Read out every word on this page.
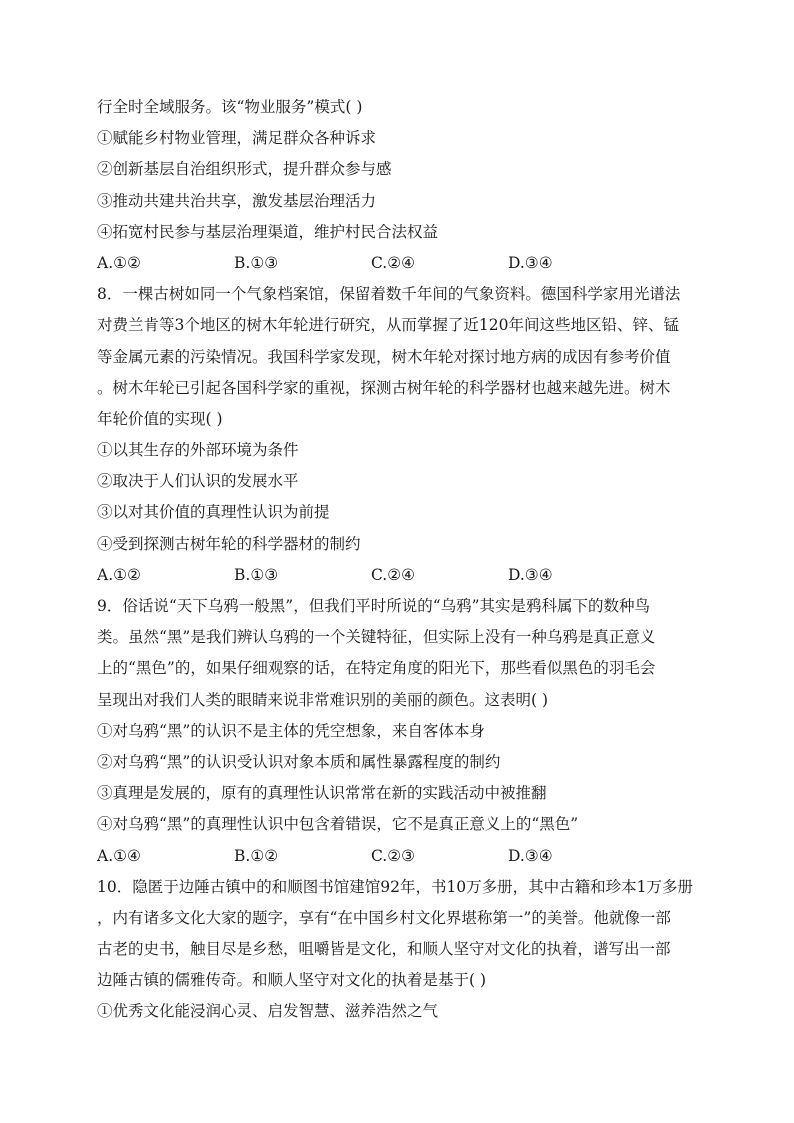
行全时全域服务。该“物业服务”模式( )
①赋能乡村物业管理，满足群众各种诉求
②创新基层自治组织形式，提升群众参与感
③推动共建共治共享，激发基层治理活力
④拓宽村民参与基层治理渠道，维护村民合法权益
A.①②	B.①③	C.②④	D.③④
8．一棵古树如同一个气象档案馆，保留着数千年间的气象资料。德国科学家用光谱法
对费兰肯等3个地区的树木年轮进行研究，从而掌握了近120年间这些地区铅、锌、锰
等金属元素的污染情况。我国科学家发现，树木年轮对探讨地方病的成因有参考价值
。树木年轮已引起各国科学家的重视，探测古树年轮的科学器材也越来越先进。树木
年轮价值的实现( )
①以其生存的外部环境为条件
②取决于人们认识的发展水平
③以对其价值的真理性认识为前提
④受到探测古树年轮的科学器材的制约
A.①②	B.①③	C.②④	D.③④
9．俗话说“天下乌鸦一般黑”，但我们平时所说的“乌鸦”其实是鸦科属下的数种鸟
类。虽然“黑”是我们辨认乌鸦的一个关键特征，但实际上没有一种乌鸦是真正意义
上的“黑色”的，如果仔细观察的话，在特定角度的阳光下，那些看似黑色的羽毛会
呈现出对我们人类的眼睛来说非常难识别的美丽的颜色。这表明( )
①对乌鸦“黑”的认识不是主体的凭空想象，来自客体本身
②对乌鸦“黑”的认识受认识对象本质和属性暴露程度的制约
③真理是发展的，原有的真理性认识常常在新的实践活动中被推翻
④对乌鸦“黑”的真理性认识中包含着错误，它不是真正意义上的“黑色”
A.①④	B.①②	C.②③	D.③④
10．隐匿于边陲古镇中的和顺图书馆建馆92年，书10万多册，其中古籍和珍本1万多册
，内有诸多文化大家的题字，享有“在中国乡村文化界堪称第一”的美誉。他就像一部
古老的史书，触目尽是乡愁，咀嚼皆是文化，和顺人坚守对文化的执着，谱写出一部
边陲古镇的儒雅传奇。和顺人坚守对文化的执着是基于( )
①优秀文化能浸润心灵、启发智慧、滋养浩然之气
